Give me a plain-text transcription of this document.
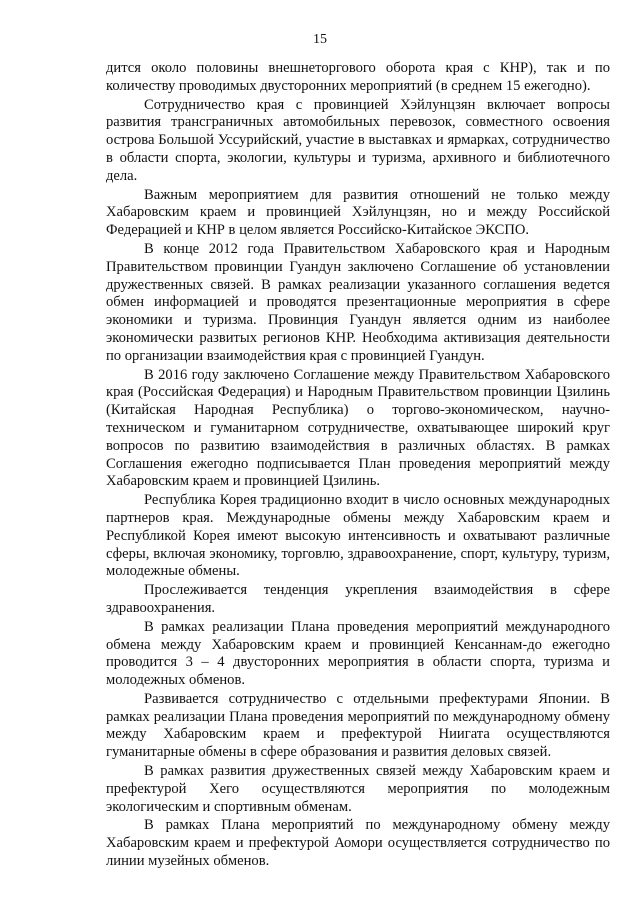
15

дится около половины внешнеторгового оборота края с КНР), так и по количеству проводимых двусторонних мероприятий (в среднем 15 ежегодно).

Сотрудничество края с провинцией Хэйлунцзян включает вопросы развития трансграничных автомобильных перевозок, совместного освоения острова Большой Уссурийский, участие в выставках и ярмарках, сотрудничество в области спорта, экологии, культуры и туризма, архивного и библиотечного дела.

Важным мероприятием для развития отношений не только между Хабаровским краем и провинцией Хэйлунцзян, но и между Российской Федерацией и КНР в целом является Российско-Китайское ЭКСПО.

В конце 2012 года Правительством Хабаровского края и Народным Правительством провинции Гуандун заключено Соглашение об установлении дружественных связей. В рамках реализации указанного соглашения ведется обмен информацией и проводятся презентационные мероприятия в сфере экономики и туризма. Провинция Гуандун является одним из наиболее экономически развитых регионов КНР. Необходима активизация деятельности по организации взаимодействия края с провинцией Гуандун.

В 2016 году заключено Соглашение между Правительством Хабаровского края (Российская Федерация) и Народным Правительством провинции Цзилинь (Китайская Народная Республика) о торгово-экономическом, научно-техническом и гуманитарном сотрудничестве, охватывающее широкий круг вопросов по развитию взаимодействия в различных областях. В рамках Соглашения ежегодно подписывается План проведения мероприятий между Хабаровским краем и провинцией Цзилинь.

Республика Корея традиционно входит в число основных международных партнеров края. Международные обмены между Хабаровским краем и Республикой Корея имеют высокую интенсивность и охватывают различные сферы, включая экономику, торговлю, здравоохранение, спорт, культуру, туризм, молодежные обмены.

Прослеживается тенденция укрепления взаимодействия в сфере здравоохранения.

В рамках реализации Плана проведения мероприятий международного обмена между Хабаровским краем и провинцией Кенсаннам-до ежегодно проводится 3 – 4 двусторонних мероприятия в области спорта, туризма и молодежных обменов.

Развивается сотрудничество с отдельными префектурами Японии. В рамках реализации Плана проведения мероприятий по международному обмену между Хабаровским краем и префектурой Ниигата осуществляются гуманитарные обмены в сфере образования и развития деловых связей.

В рамках развития дружественных связей между Хабаровским краем и префектурой Хего осуществляются мероприятия по молодежным экологическим и спортивным обменам.

В рамках Плана мероприятий по международному обмену между Хабаровским краем и префектурой Аомори осуществляется сотрудничество по линии музейных обменов.
